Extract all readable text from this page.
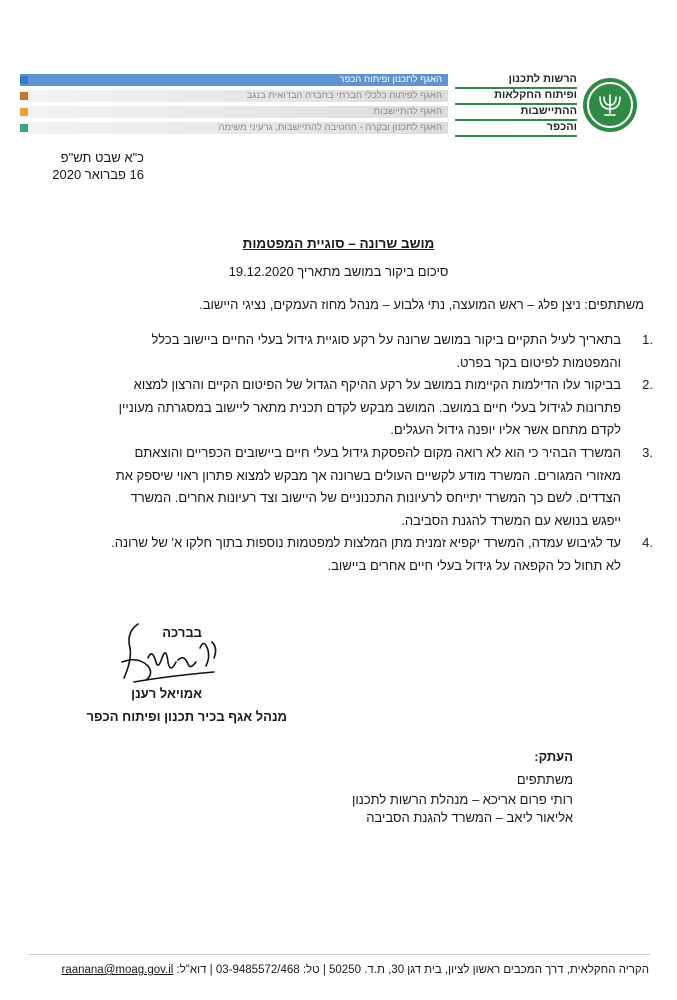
הרשות לתכנון
ופיתוח החקלאות
ההתיישבות
והכפר
האגף לתכנון ופיתוח הכפר
האגף לפיתוח כלכלי חברתי בחברה הבדואית בנגב
האגף להתיישבות
האגף לתכנון ובקרה - החטיבה להתיישבות, גרעיני משימה
כ"א שבט תש"פ
16 פברואר 2020
מושב שרונה – סוגיית המפטמות
סיכום ביקור במושב מתאריך 19.12.2020
משתתפים: ניצן פלג – ראש המועצה, נתי גלבוע – מנהל מחוז העמקים, נציגי היישוב.
.1
בתאריך לעיל התקיים ביקור במושב שרונה על רקע סוגיית גידול בעלי החיים ביישוב בכלל
והמפטמות לפיטום בקר בפרט.
.2
בביקור עלו הדילמות הקיימות במושב על רקע ההיקף הגדול של הפיטום הקיים והרצון למצוא
פתרונות לגידול בעלי חיים במושב. המושב מבקש לקדם תכנית מתאר ליישוב במסגרתה מעוניין
לקדם מתחם אשר אליו יופנה גידול העגלים.
.3
המשרד הבהיר כי הוא לא רואה מקום להפסקת גידול בעלי חיים ביישובים הכפריים והוצאתם
מאזורי המגורים. המשרד מודע לקשיים העולים בשרונה אך מבקש למצוא פתרון ראוי שיספק את
הצדדים. לשם כך המשרד יתייחס לרעיונות התכנוניים של היישוב וצד רעיונות אחרים. המשרד
ייפגש בנושא עם המשרד להגנת הסביבה.
.4
עד לגיבוש עמדה, המשרד יקפיא זמנית מתן המלצות למפטמות נוספות בתוך חלקו א' של שרונה.
לא תחול כל הקפאה על גידול בעלי חיים אחרים ביישוב.
בברכה
אמויאל רענן
מנהל אגף בכיר תכנון ופיתוח הכפר
העתק:
משתתפים
רותי פרום אריכא – מנהלת הרשות לתכנון
אליאור ליאב – המשרד להגנת הסביבה
הקריה החקלאית, דרך המכבים ראשון לציון, בית דגן 30, ת.ד. 50250 | טל: 03-9485572/468 | דוא"ל: raanana@moag.gov.il
